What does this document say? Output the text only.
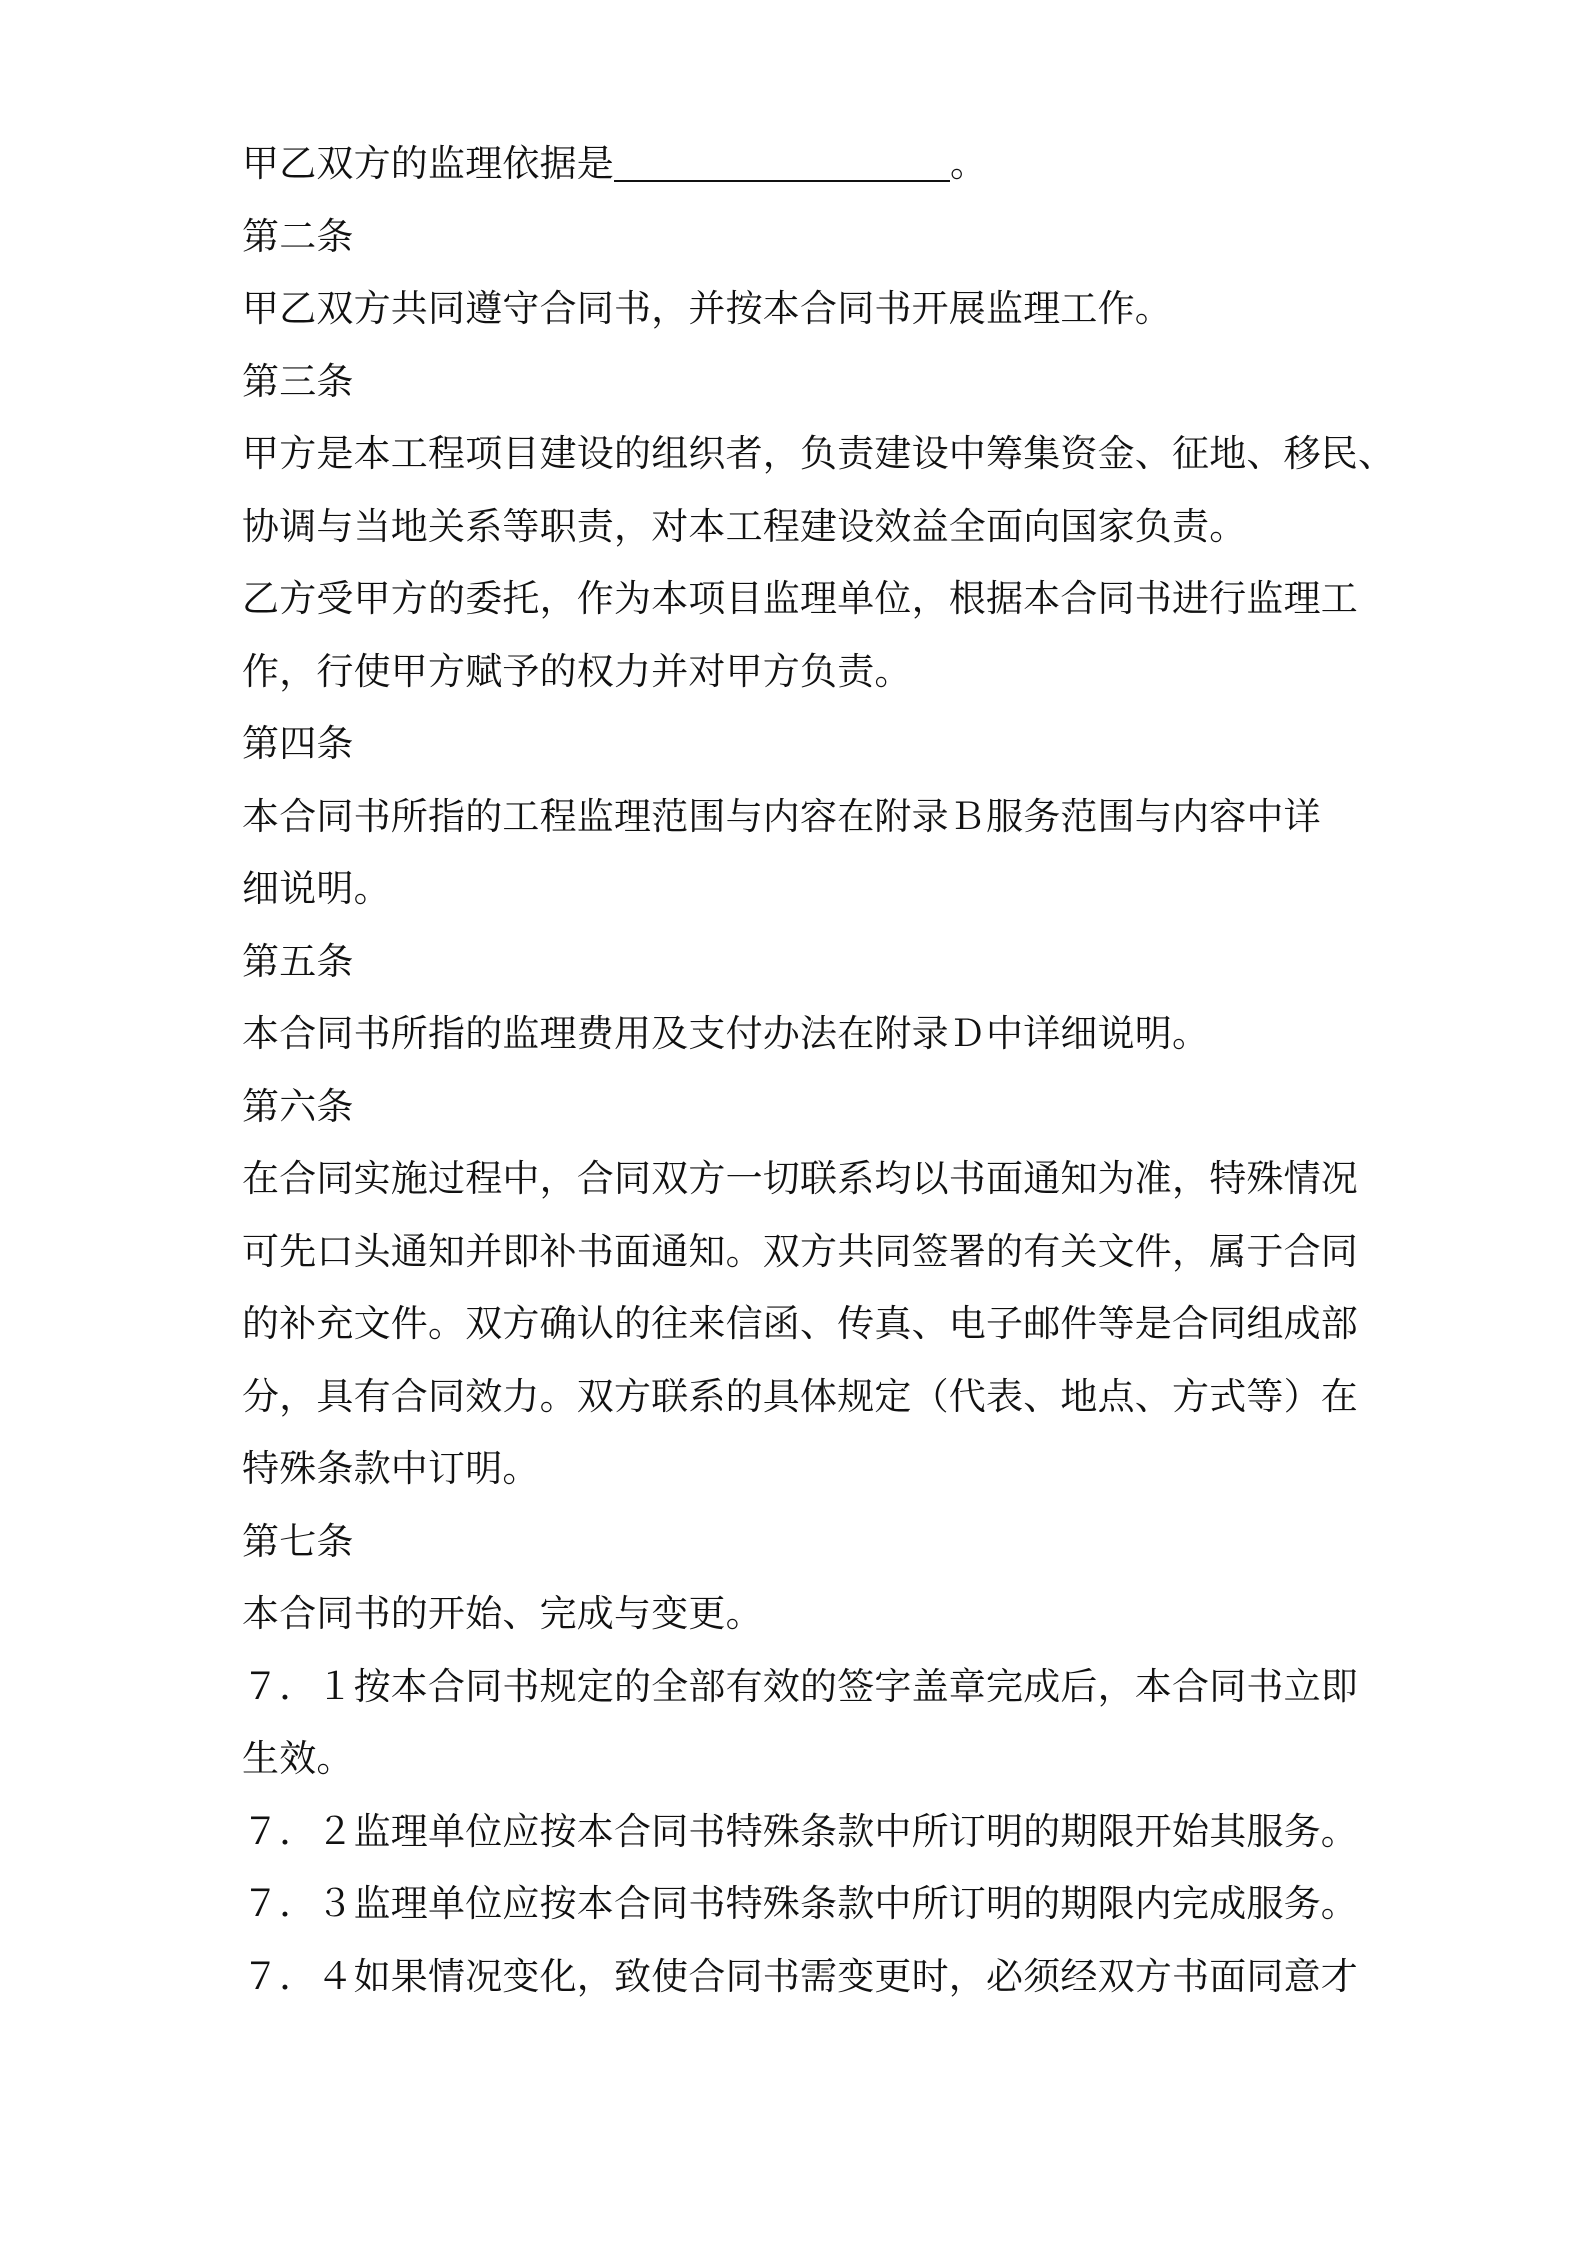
甲乙双方的监理依据是	。
第二条
甲乙双方共同遵守合同书，并按本合同书开展监理工作。
第三条
甲方是本工程项目建设的组织者，负责建设中筹集资金、征地、移民、
协调与当地关系等职责，对本工程建设效益全面向国家负责。
乙方受甲方的委托，作为本项目监理单位，根据本合同书进行监理工
作，行使甲方赋予的权力并对甲方负责。
第四条
本合同书所指的工程监理范围与内容在附录Ｂ服务范围与内容中详
细说明。
第五条
本合同书所指的监理费用及支付办法在附录Ｄ中详细说明。
第六条
在合同实施过程中，合同双方一切联系均以书面通知为准，特殊情况
可先口头通知并即补书面通知。双方共同签署的有关文件，属于合同
的补充文件。双方确认的往来信函、传真、电子邮件等是合同组成部
分，具有合同效力。双方联系的具体规定（代表、地点、方式等）在
特殊条款中订明。
第七条
本合同书的开始、完成与变更。
７．１按本合同书规定的全部有效的签字盖章完成后，本合同书立即
生效。
７．２监理单位应按本合同书特殊条款中所订明的期限开始其服务。
７．３监理单位应按本合同书特殊条款中所订明的期限内完成服务。
７．４如果情况变化，致使合同书需变更时，必须经双方书面同意才
